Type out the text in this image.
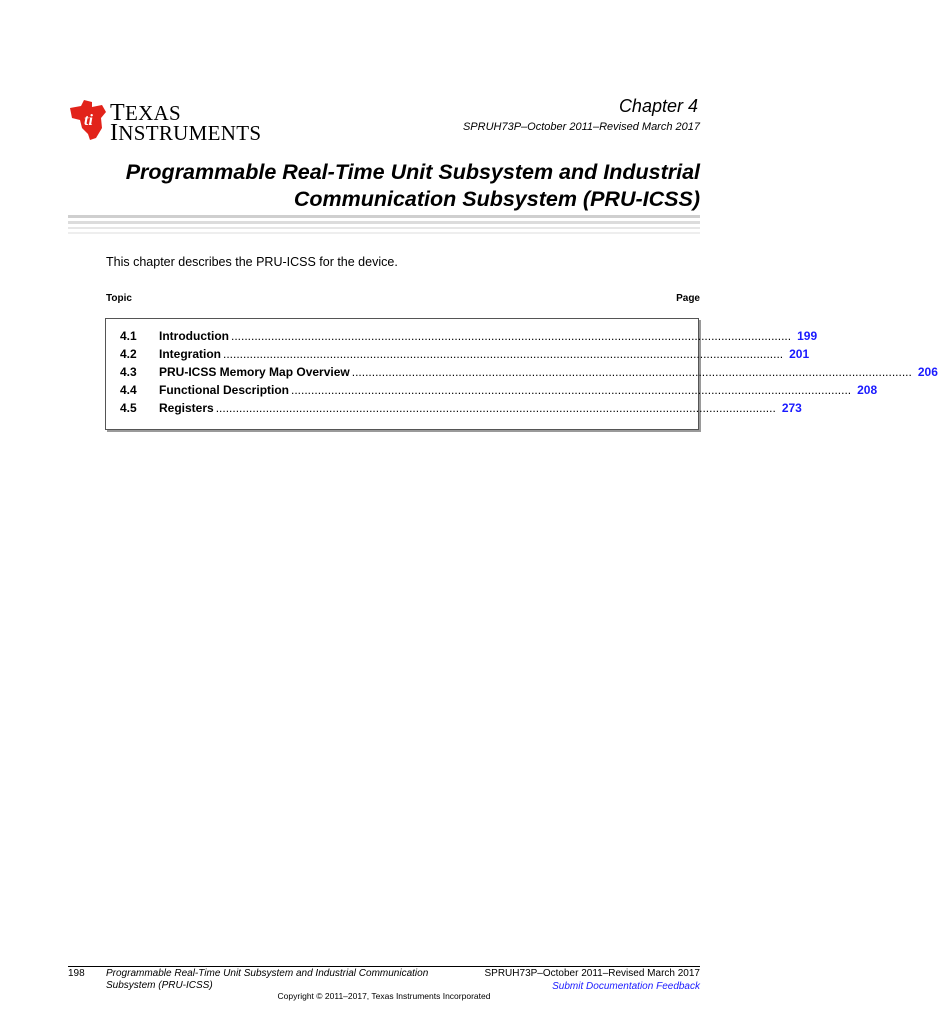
ti TEXAS
INSTRUMENTS
Chapter 4
SPRUH73P–October 2011–Revised March 2017
Programmable Real-Time Unit Subsystem and Industrial
Communication Subsystem (PRU-ICSS)
This chapter describes the PRU-ICSS for the device.
Topic	Page
4.1	Introduction ........................................................................................................................................................................ 199
4.2	Integration ........................................................................................................................................................................ 201
4.3	PRU-ICSS Memory Map Overview ........................................................................................................................................................................ 206
4.4	Functional Description ........................................................................................................................................................................ 208
4.5	Registers ........................................................................................................................................................................ 273
198 Programmable Real-Time Unit Subsystem and Industrial Communication Subsystem (PRU-ICSS)
SPRUH73P–October 2011–Revised March 2017
Submit Documentation Feedback
Copyright © 2011–2017, Texas Instruments Incorporated
